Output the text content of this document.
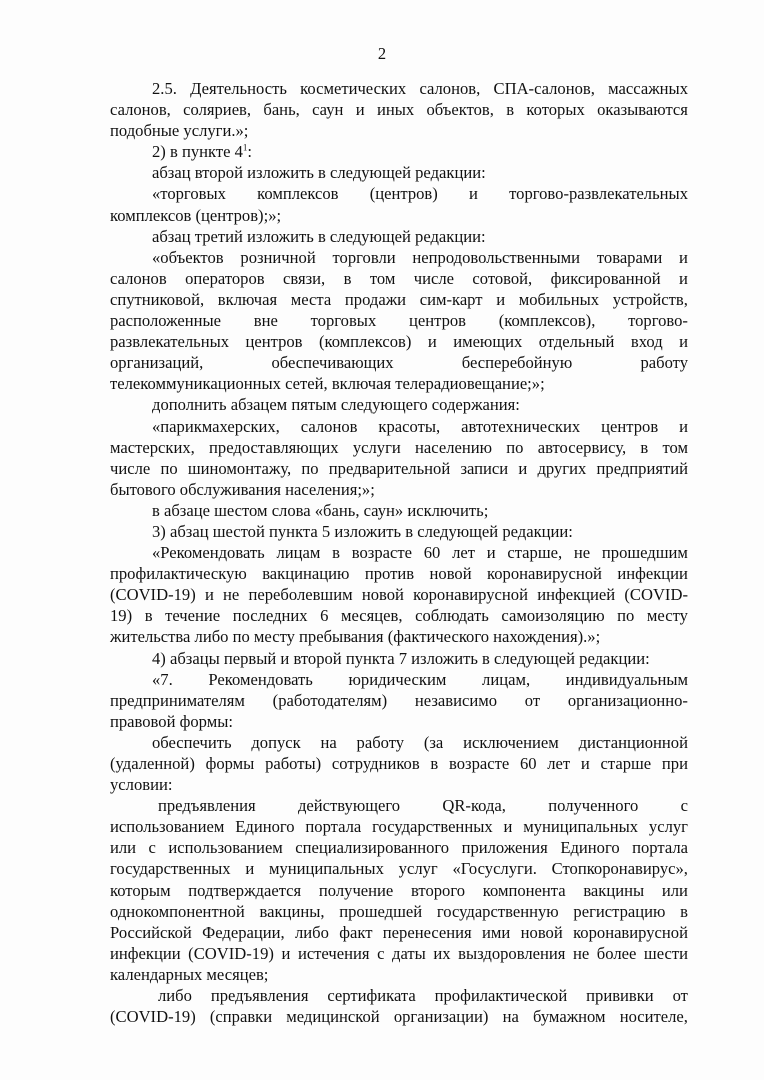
2
2.5. Деятельность косметических салонов, СПА-салонов, массажных
салонов, соляриев, бань, саун и иных объектов, в которых оказываются
подобные услуги.»;
2) в пункте $4^1$:
абзац второй изложить в следующей редакции:
«торговых комплексов (центров) и торгово-развлекательных
комплексов (центров);»;
абзац третий изложить в следующей редакции:
«объектов розничной торговли непродовольственными товарами и
салонов операторов связи, в том числе сотовой, фиксированной и
спутниковой, включая места продажи сим-карт и мобильных устройств,
расположенные вне торговых центров (комплексов), торгово-
развлекательных центров (комплексов) и имеющих отдельный вход и
организаций,	обеспечивающих	бесперебойную	работу
телекоммуникационных сетей, включая телерадиовещание;»;
дополнить абзацем пятым следующего содержания:
«парикмахерских, салонов красоты, автотехнических центров и
мастерских, предоставляющих услуги населению по автосервису, в том
числе по шиномонтажу, по предварительной записи и других предприятий
бытового обслуживания населения;»;
в абзаце шестом слова «бань, саун» исключить;
3) абзац шестой пункта 5 изложить в следующей редакции:
«Рекомендовать лицам в возрасте 60 лет и старше, не прошедшим
профилактическую вакцинацию против новой коронавирусной инфекции
(COVID-19) и не переболевшим новой коронавирусной инфекцией (COVID-
19) в течение последних 6 месяцев, соблюдать самоизоляцию по месту
жительства либо по месту пребывания (фактического нахождения).»;
4) абзацы первый и второй пункта 7 изложить в следующей редакции:
«7. Рекомендовать юридическим лицам, индивидуальным
предпринимателям (работодателям) независимо от организационно-
правовой формы:
обеспечить допуск на работу (за исключением дистанционной
(удаленной) формы работы) сотрудников в возрасте 60 лет и старше при
условии:
предъявления	действующего	QR-кода,	полученного	с
использованием Единого портала государственных и муниципальных услуг
или с использованием специализированного приложения Единого портала
государственных и муниципальных услуг «Госуслуги. Стопкоронавирус»,
которым подтверждается получение второго компонента вакцины или
однокомпонентной вакцины, прошедшей государственную регистрацию в
Российской Федерации, либо факт перенесения ими новой коронавирусной
инфекции (COVID-19) и истечения с даты их выздоровления не более шести
календарных месяцев;
либо предъявления сертификата профилактической прививки от
(COVID-19) (справки медицинской организации) на бумажном носителе,
